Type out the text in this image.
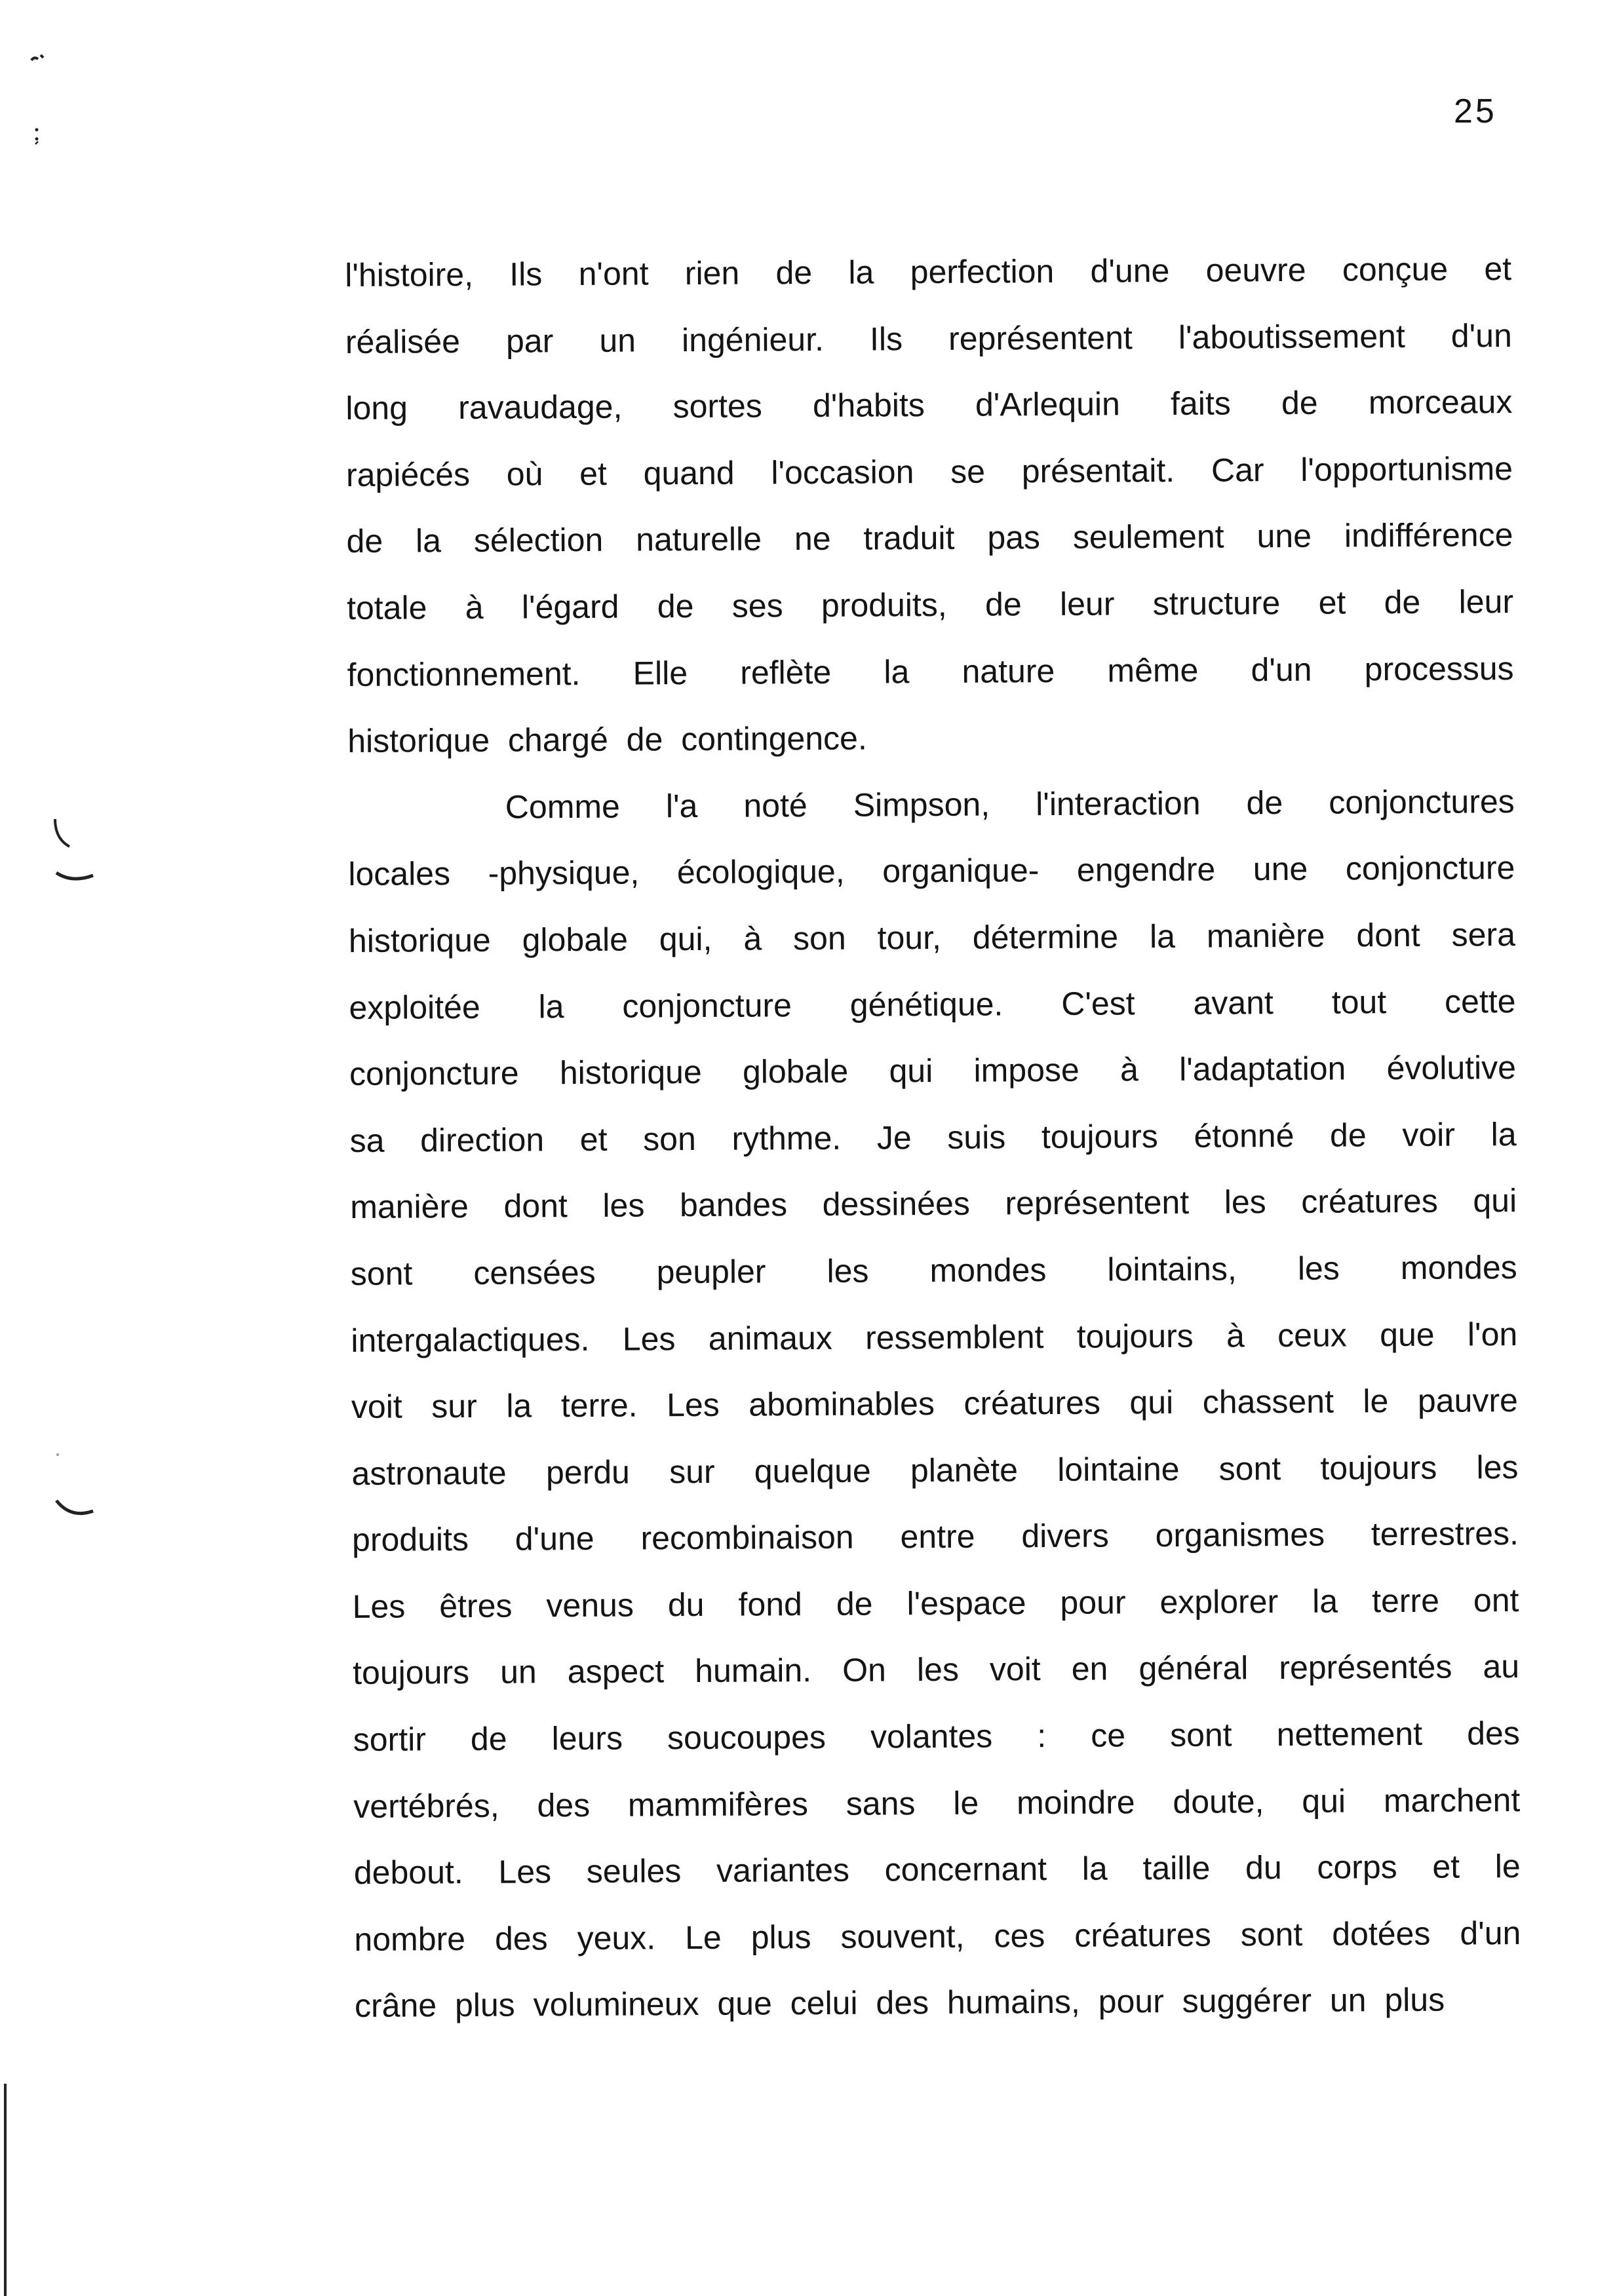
25
l'histoire, Ils n'ont rien de la perfection d'une oeuvre conçue et
réalisée par un ingénieur. Ils représentent l'aboutissement d'un
long ravaudage, sortes d'habits d'Arlequin faits de morceaux
rapiécés où et quand l'occasion se présentait. Car l'opportunisme
de la sélection naturelle ne traduit pas seulement une indifférence
totale à l'égard de ses produits, de leur structure et de leur
fonctionnement. Elle reflète la nature même d'un processus
historique chargé de contingence.
Comme l'a noté Simpson, l'interaction de conjonctures
locales -physique, écologique, organique- engendre une conjoncture
historique globale qui, à son tour, détermine la manière dont sera
exploitée la conjoncture génétique. C'est avant tout cette
conjoncture historique globale qui impose à l'adaptation évolutive
sa direction et son rythme. Je suis toujours étonné de voir la
manière dont les bandes dessinées représentent les créatures qui
sont censées peupler les mondes lointains, les mondes
intergalactiques. Les animaux ressemblent toujours à ceux que l'on
voit sur la terre. Les abominables créatures qui chassent le pauvre
astronaute perdu sur quelque planète lointaine sont toujours les
produits d'une recombinaison entre divers organismes terrestres.
Les êtres venus du fond de l'espace pour explorer la terre ont
toujours un aspect humain. On les voit en général représentés au
sortir de leurs soucoupes volantes : ce sont nettement des
vertébrés, des mammifères sans le moindre doute, qui marchent
debout. Les seules variantes concernant la taille du corps et le
nombre des yeux. Le plus souvent, ces créatures sont dotées d'un
crâne plus volumineux que celui des humains, pour suggérer un plus
